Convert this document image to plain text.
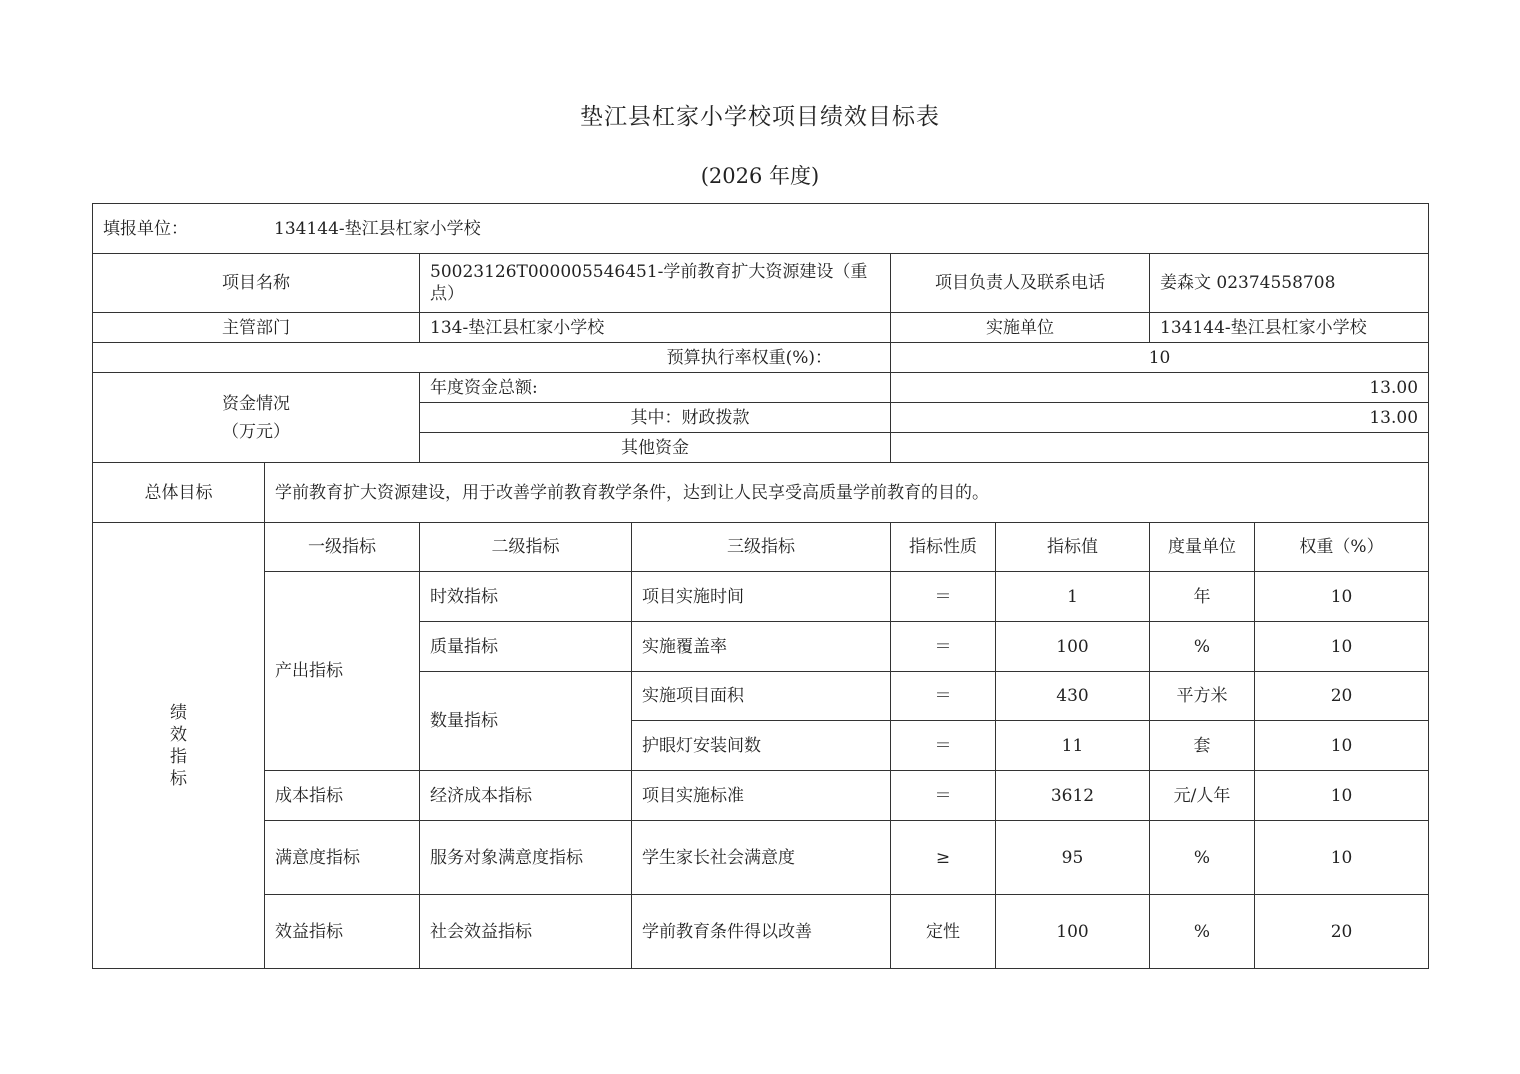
垫江县杠家小学校项目绩效目标表
(2026 年度)
填报单位： 134144-垫江县杠家小学校							
项目名称		50023126T000005546451-学前教育扩大资源建设（重点）		项目负责人及联系电话		姜森文 02374558708	
主管部门		134-垫江县杠家小学校		实施单位		134144-垫江县杠家小学校	
预算执行率权重(%)：				10			

资金情况
（万元）		年度资金总额:		13.00			
		其中：财政拨款		13.00			
		其他资金					
总体目标	学前教育扩大资源建设，用于改善学前教育教学条件，达到让人民享受高质量学前教育的目的。						

绩
效
指
标	一级指标	二级指标	三级指标	指标性质	指标值	度量单位	权重（%）
	产出指标	时效指标	项目实施时间	＝	1	年	10
		质量指标	实施覆盖率	＝	100	%	10
		数量指标	实施项目面积	＝	430	平方米	20
			护眼灯安装间数	＝	11	套	10
	成本指标	经济成本指标	项目实施标准	＝	3612	元/人年	10
	满意度指标	服务对象满意度指标	学生家长社会满意度	≥	95	%	10
	效益指标	社会效益指标	学前教育条件得以改善	定性	100	%	20
